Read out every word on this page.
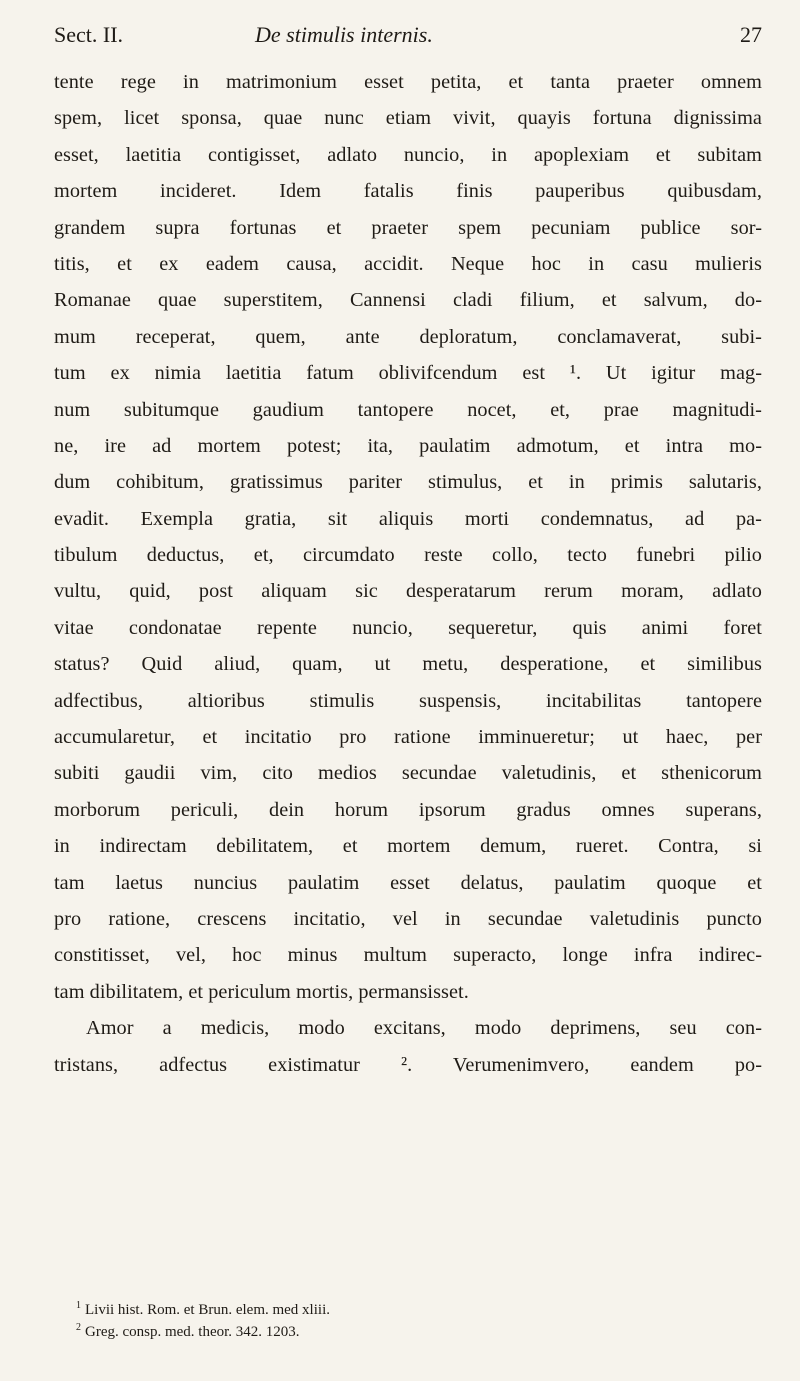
Sect. II.	De stimulis internis.	27
tente rege in matrimonium esset petita, et tanta praeter omnem
spem, licet sponsa, quae nunc etiam vivit, quayis fortuna dignissima
esset, laetitia contigisset, adlato nuncio, in apoplexiam et subitam
mortem incideret. Idem fatalis finis pauperibus quibusdam,
grandem supra fortunas et praeter spem pecuniam publice sor-
titis, et ex eadem causa, accidit. Neque hoc in casu mulieris
Romanae quae superstitem, Cannensi cladi filium, et salvum, do-
mum receperat, quem, ante deploratum, conclamaverat, subi-
tum ex nimia laetitia fatum oblivifcendum est ¹. Ut igitur mag-
num subitumque gaudium tantopere nocet, et, prae magnitudi-
ne, ire ad mortem potest; ita, paulatim admotum, et intra mo-
dum cohibitum, gratissimus pariter stimulus, et in primis salutaris,
evadit. Exempla gratia, sit aliquis morti condemnatus, ad pa-
tibulum deductus, et, circumdato reste collo, tecto funebri pilio
vultu, quid, post aliquam sic desperatarum rerum moram, adlato
vitae condonatae repente nuncio, sequeretur, quis animi foret
status? Quid aliud, quam, ut metu, desperatione, et similibus
adfectibus, altioribus stimulis suspensis, incitabilitas tantopere
accumularetur, et incitatio pro ratione imminueretur; ut haec, per
subiti gaudii vim, cito medios secundae valetudinis, et sthenicorum
morborum periculi, dein horum ipsorum gradus omnes superans,
in indirectam debilitatem, et mortem demum, rueret. Contra, si
tam laetus nuncius paulatim esset delatus, paulatim quoque et
pro ratione, crescens incitatio, vel in secundae valetudinis puncto
constitisset, vel, hoc minus multum superacto, longe infra indirec-
tam dibilitatem, et periculum mortis, permansisset.
Amor a medicis, modo excitans, modo deprimens, seu con-
tristans, adfectus existimatur ². Verumenimvero, eandem po-
$^1$ Livii hist. Rom. et Brun. elem. med xliii.
$^2$ Greg. consp. med. theor. 342. 1203.
